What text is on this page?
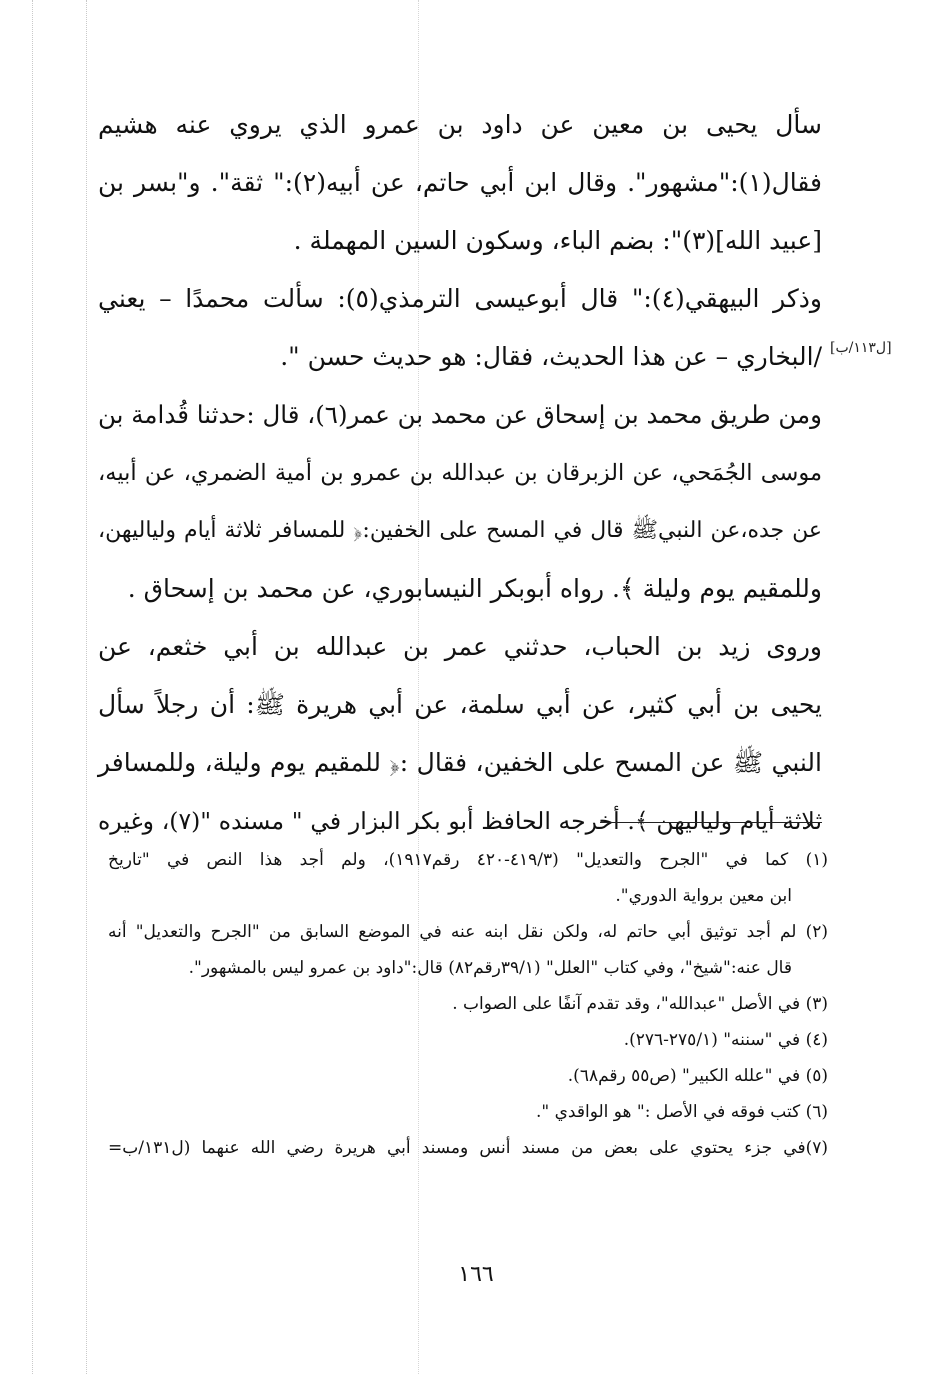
سأل يحيى بن معين عن داود بن عمرو الذي يروي عنه هشيم
فقال(١):"مشهور". وقال ابن أبي حاتم، عن أبيه(٢):" ثقة". و"بسر بن
[عبيد الله](٣)": بضم الباء، وسكون السين المهملة .
وذكر البيهقي(٤):" قال أبوعيسى الترمذي(٥): سألت محمدًا – يعني
/البخاري – عن هذا الحديث، فقال: هو حديث حسن ".
ومن طريق محمد بن إسحاق عن محمد بن عمر(٦)، قال :حدثنا قُدامة بن
موسى الجُمَحي، عن الزبرقان بن عبدالله بن عمرو بن أمية الضمري، عن أبيه،
عن جده،عن النبيﷺ قال في المسح على الخفين:﴿ للمسافر ثلاثة أيام ولياليهن،
وللمقيم يوم وليلة ﴾. رواه أبوبكر النيسابوري، عن محمد بن إسحاق .
وروى زيد بن الحباب، حدثني عمر بن عبدالله بن أبي خثعم، عن
يحيى بن أبي كثير، عن أبي سلمة، عن أبي هريرة ﷺ: أن رجلاً سأل
النبي ﷺ عن المسح على الخفين، فقال :﴿ للمقيم يوم وليلة، وللمسافر
ثلاثة أيام ولياليهن ﴾. أخرجه الحافظ أبو بكر البزار في " مسنده "(٧)، وغيره
[ل١١٣/ب]
(١) كما في "الجرح والتعديل" (٤١٩/٣-٤٢٠ رقم١٩١٧)، ولم أجد هذا النص في "تاريخ
ابن معين برواية الدوري".
(٢) لم أجد توثيق أبي حاتم له، ولكن نقل ابنه عنه في الموضع السابق من "الجرح والتعديل" أنه
قال عنه:"شيخ"، وفي كتاب "العلل" (٣٩/١رقم٨٢) قال:"داود بن عمرو ليس بالمشهور".
(٣) في الأصل "عبدالله"، وقد تقدم آنفًا على الصواب .
(٤) في "سننه" (٢٧٥/١-٢٧٦).
(٥) في "علله الكبير" (ص٥٥ رقم٦٨).
(٦) كتب فوقه في الأصل :" هو الواقدي ".
(٧)في جزء يحتوي على بعض من مسند أنس ومسند أبي هريرة رضي الله عنهما (ل١٣١/ب=
١٦٦
